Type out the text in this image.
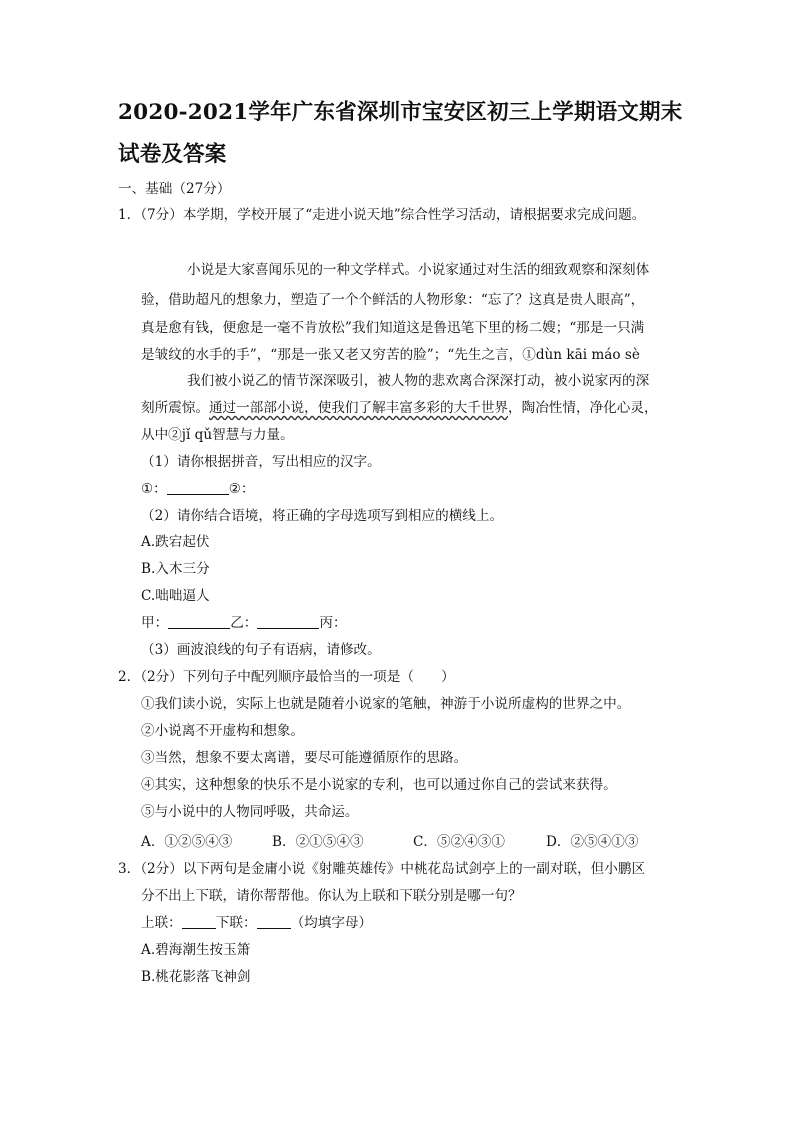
2020-2021学年广东省深圳市宝安区初三上学期语文期末试卷及答案
一、基础（27分）
1．（7分）本学期，学校开展了“走进小说天地”综合性学习活动，请根据要求完成问题。
小说是大家喜闻乐见的一种文学样式。小说家通过对生活的细致观察和深刻体
验，借助超凡的想象力，塑造了一个个鲜活的人物形象：“忘了？这真是贵人眼高”，
真是愈有钱，便愈是一毫不肯放松”我们知道这是鲁迅笔下里的杨二嫂；“那是一只满
是皱纹的水手的手”，“那是一张又老又穷苦的脸”；“先生之言，①dùn kāi máo sè
我们被小说乙的情节深深吸引，被人物的悲欢离合深深打动，被小说家丙的深
刻所震惊。通过一部部小说，使我们了解丰富多彩的大千世界，陶冶性情，净化心灵，
从中②jǐ qǔ智慧与力量。
（1）请你根据拼音，写出相应的汉字。
①：	②：
（2）请你结合语境，将正确的字母选项写到相应的横线上。
A.跌宕起伏
B.入木三分
C.咄咄逼人
甲：	乙：	丙：
（3）画波浪线的句子有语病，请修改。
2．（2分）下列句子中配列顺序最恰当的一项是（　　）
①我们读小说，实际上也就是随着小说家的笔触，神游于小说所虚构的世界之中。
②小说离不开虚构和想象。
③当然，想象不要太离谱，要尽可能遵循原作的思路。
④其实，这种想象的快乐不是小说家的专利，也可以通过你自己的尝试来获得。
⑤与小说中的人物同呼吸，共命运。
A．①②⑤④③	B．②①⑤④③	C．⑤②④③①	D．②⑤④①③
3．（2分）以下两句是金庸小说《射雕英雄传》中桃花岛试剑亭上的一副对联，但小鹏区
分不出上下联，请你帮帮他。你认为上联和下联分别是哪一句？
上联：	下联：	（均填字母）
A.碧海潮生按玉箫
B.桃花影落飞神剑
